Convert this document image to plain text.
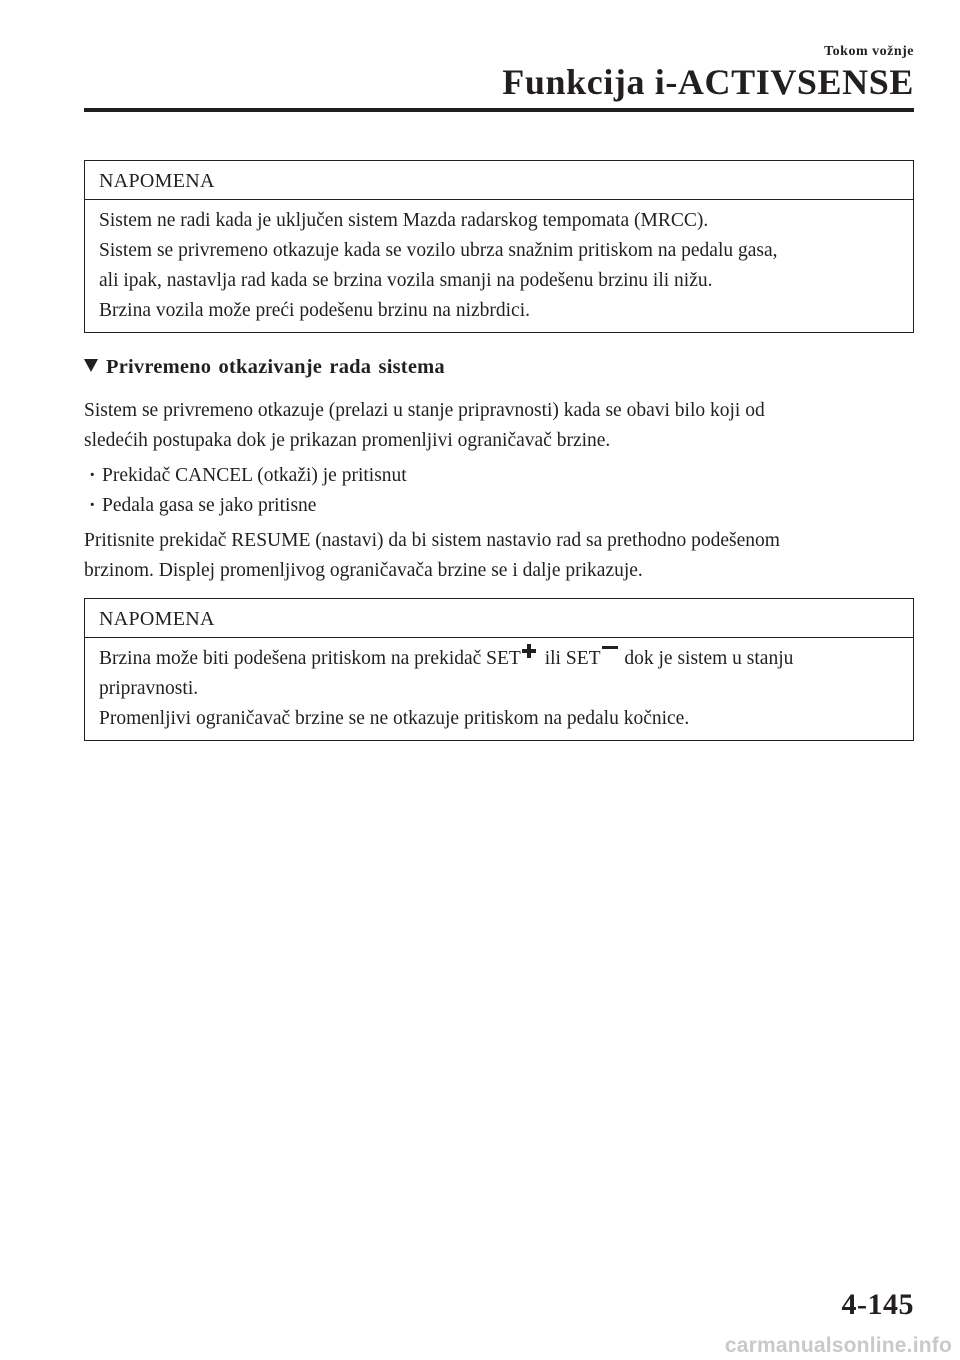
Tokom vožnje
Funkcija i-ACTIVSENSE
NAPOMENA

Sistem ne radi kada je uključen sistem Mazda radarskog tempomata (MRCC).

Sistem se privremeno otkazuje kada se vozilo ubrza snažnim pritiskom na pedalu gasa,

ali ipak, nastavlja rad kada se brzina vozila smanji na podešenu brzinu ili nižu.

Brzina vozila može preći podešenu brzinu na nizbrdici.

Privremeno otkazivanje rada sistema

Sistem se privremeno otkazuje (prelazi u stanje pripravnosti) kada se obavi bilo koji od
sledećih postupaka dok je prikazan promenljivi ograničavač brzine.

· Prekidač CANCEL (otkaži) je pritisnut
· Pedala gasa se jako pritisne

Pritisnite prekidač RESUME (nastavi) da bi sistem nastavio rad sa prethodno podešenom
brzinom. Displej promenljivog ograničavača brzine se i dalje prikazuje.

NAPOMENA

Brzina može biti podešena pritiskom na prekidač SET ili SET dok je sistem u stanju

pripravnosti.

Promenljivi ograničavač brzine se ne otkazuje pritiskom na pedalu kočnice.

4-145
carmanualsonline.info
